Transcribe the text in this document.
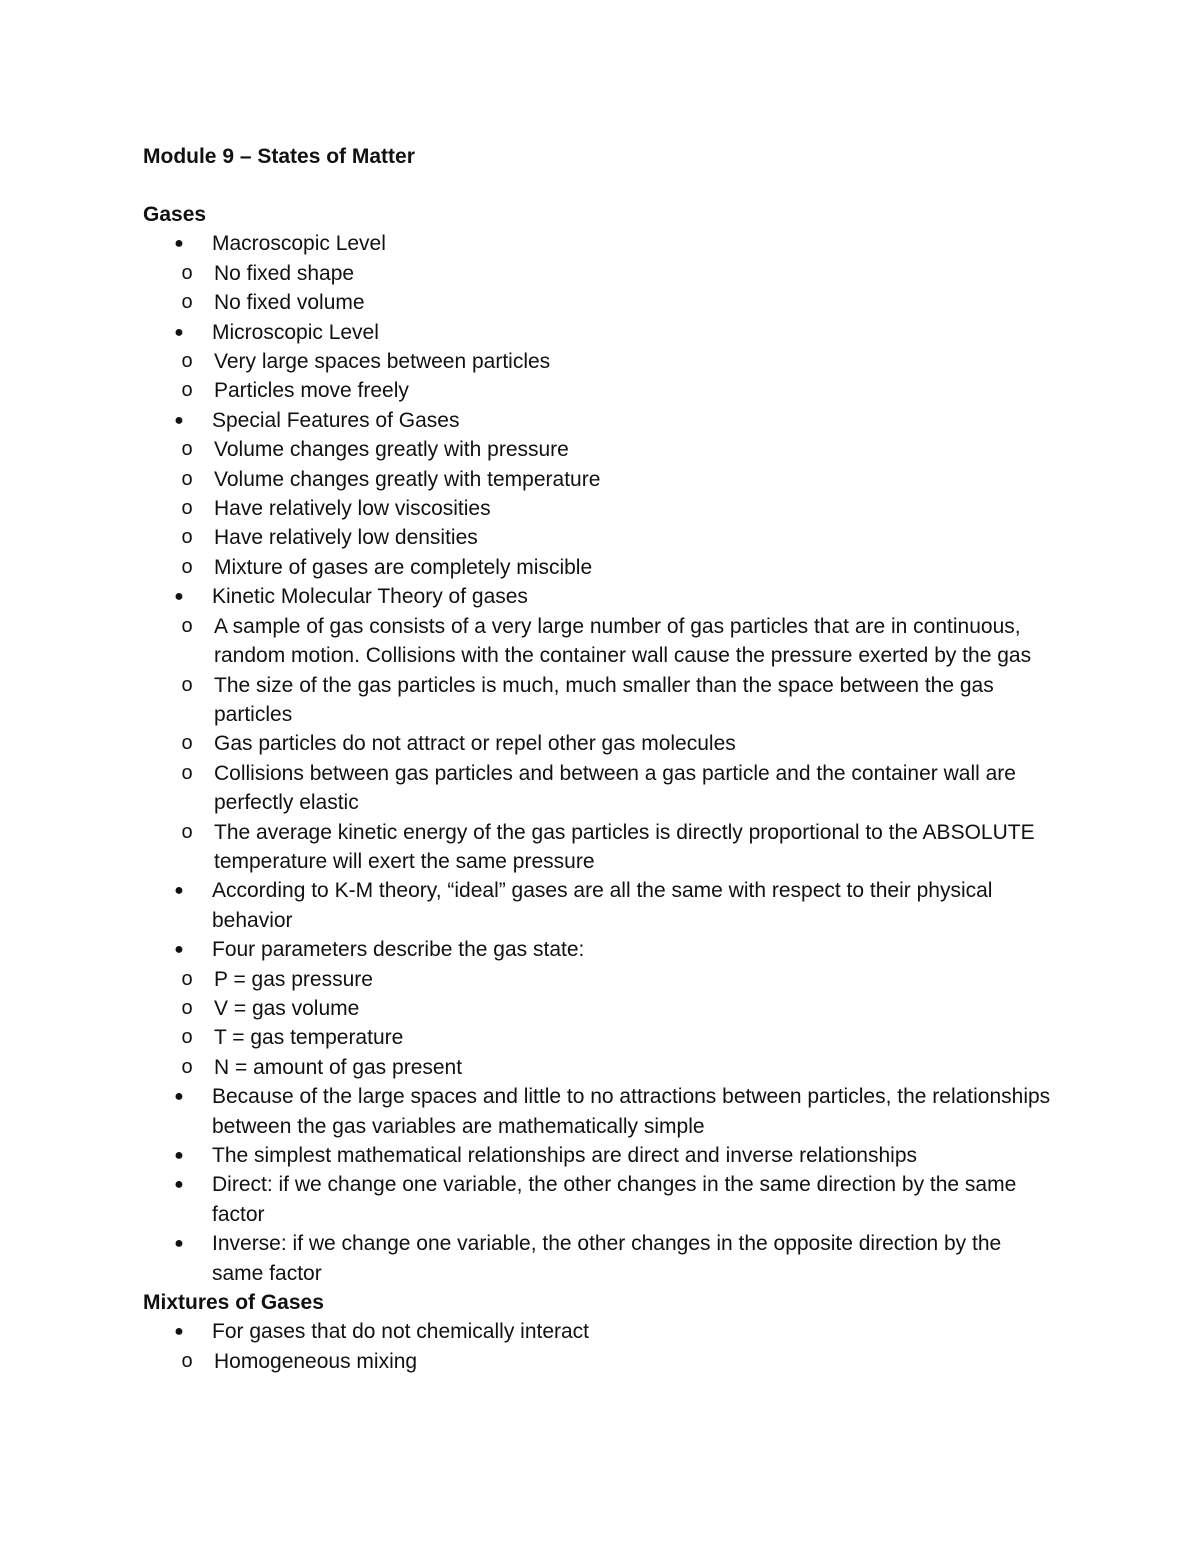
Module 9 – States of Matter
Gases
● Macroscopic Level
o No fixed shape
o No fixed volume
● Microscopic Level
o Very large spaces between particles
o Particles move freely
● Special Features of Gases
o Volume changes greatly with pressure
o Volume changes greatly with temperature
o Have relatively low viscosities
o Have relatively low densities
o Mixture of gases are completely miscible
● Kinetic Molecular Theory of gases
o A sample of gas consists of a very large number of gas particles that are in continuous, random motion. Collisions with the container wall cause the pressure exerted by the gas
o The size of the gas particles is much, much smaller than the space between the gas particles
o Gas particles do not attract or repel other gas molecules
o Collisions between gas particles and between a gas particle and the container wall are perfectly elastic
o The average kinetic energy of the gas particles is directly proportional to the ABSOLUTE temperature will exert the same pressure
● According to K-M theory, “ideal” gases are all the same with respect to their physical behavior
● Four parameters describe the gas state:
o P = gas pressure
o V = gas volume
o T = gas temperature
o N = amount of gas present
● Because of the large spaces and little to no attractions between particles, the relationships between the gas variables are mathematically simple
● The simplest mathematical relationships are direct and inverse relationships
● Direct: if we change one variable, the other changes in the same direction by the same factor
● Inverse: if we change one variable, the other changes in the opposite direction by the same factor
Mixtures of Gases
● For gases that do not chemically interact
o Homogeneous mixing
